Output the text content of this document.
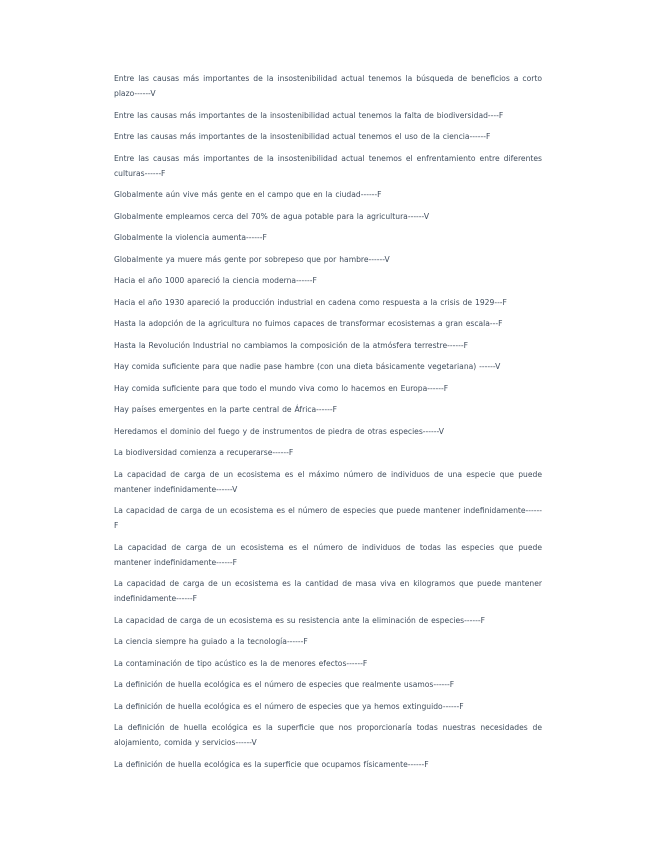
Entre las causas más importantes de la insostenibilidad actual tenemos la búsqueda de beneficios a corto plazo------V

Entre las causas más importantes de la insostenibilidad actual tenemos la falta de biodiversidad----F

Entre las causas más importantes de la insostenibilidad actual tenemos el uso de la ciencia------F

Entre las causas más importantes de la insostenibilidad actual tenemos el enfrentamiento entre diferentes culturas------F

Globalmente aún vive más gente en el campo que en la ciudad------F

Globalmente empleamos cerca del 70% de agua potable para la agricultura------V

Globalmente la violencia aumenta------F

Globalmente ya muere más gente por sobrepeso que por hambre------V

Hacia el año 1000 apareció la ciencia moderna------F

Hacia el año 1930 apareció la producción industrial en cadena como respuesta a la crisis de 1929---F

Hasta la adopción de la agricultura no fuimos capaces de transformar ecosistemas a gran escala---F

Hasta la Revolución Industrial no cambiamos la composición de la atmósfera terrestre------F

Hay comida suficiente para que nadie pase hambre (con una dieta básicamente vegetariana) ------V

Hay comida suficiente para que todo el mundo viva como lo hacemos en Europa------F

Hay países emergentes en la parte central de África------F

Heredamos el dominio del fuego y de instrumentos de piedra de otras especies------V

La biodiversidad comienza a recuperarse------F

La capacidad de carga de un ecosistema es el máximo número de individuos de una especie que puede mantener indefinidamente------V

La capacidad de carga de un ecosistema es el número de especies que puede mantener indefinidamente------F

La capacidad de carga de un ecosistema es el número de individuos de todas las especies que puede mantener indefinidamente------F

La capacidad de carga de un ecosistema es la cantidad de masa viva en kilogramos que puede mantener indefinidamente------F

La capacidad de carga de un ecosistema es su resistencia ante la eliminación de especies------F

La ciencia siempre ha guiado a la tecnología------F

La contaminación de tipo acústico es la de menores efectos------F

La definición de huella ecológica es el número de especies que realmente usamos------F

La definición de huella ecológica es el número de especies que ya hemos extinguido------F

La definición de huella ecológica es la superficie que nos proporcionaría todas nuestras necesidades de alojamiento, comida y servicios------V

La definición de huella ecológica es la superficie que ocupamos físicamente------F
